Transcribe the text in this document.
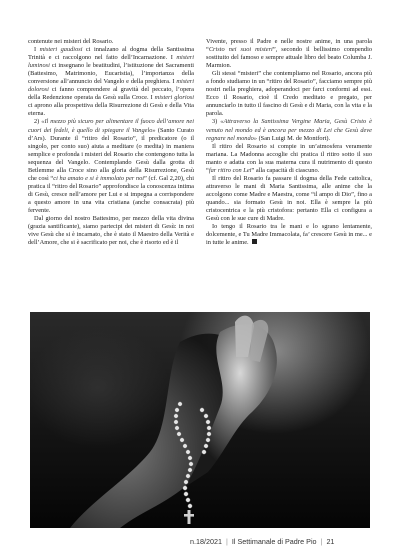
contenute nei misteri del Rosario.

I misteri gaudiosi ci innalzano al dogma della Santissima Trinità e ci raccolgono nel fatto dell’Incarnazione. I misteri luminosi ci insegnano le beatitudini, l’istituzione dei Sacramenti (Battesimo, Matrimonio, Eucaristia), l’importanza della conversione all’annuncio del Vangelo e della preghiera. I misteri dolorosi ci fanno comprendere al gravità del peccato, l’opera della Redenzione operata da Gesù sulla Croce. I misteri gloriosi ci aprono alla prospettiva della Risurrezione di Gesù e della Vita eterna.

2) «Il mezzo più sicuro per alimentare il fuoco dell’amore nei cuori dei fedeli, è quello di spiegare il Vangelo» (Santo Curato d’Ars). Durante il “ritiro del Rosario”, il predicatore (o il singolo, per conto suo) aiuta a meditare (o medita) in maniera semplice e profonda i misteri del Rosario che contengono tutta la sequenza del Vangelo. Contemplando Gesù dalla grotta di Betlemme alla Croce sino alla gloria della Risurrezione, Gesù che così “ci ha amato e si è immolato per noi” (cf. Gal 2,20), chi pratica il “ritiro del Rosario” approfondisce la conoscenza intima di Gesù, cresce nell’amore per Lui e si impegna a corrispondere a questo amore in una vita cristiana (anche consacrata) più fervente.

Dal giorno del nostro Battesimo, per mezzo della vita divina (grazia santificante), siamo partecipi dei misteri di Gesù: in noi vive Gesù che si è incarnato, che è stato il Maestro della Verità e dell’Amore, che si è sacrificato per noi, che è risorto ed è il

Vivente, presso il Padre e nelle nostre anime, in una parola “Cristo nei suoi misteri”, secondo il bellissimo compendio sostituito del famoso e sempre attuale libro del beato Columba J. Marmion.

Gli stessi “misteri” che contempliamo nel Rosario, ancora più a fondo studiamo in un “ritiro del Rosario”, facciamo sempre più nostri nella preghiera, adoperandoci per farci conformi ad essi. Ecco il Rosario, cioè il Credo meditato e pregato, per annunciarlo in tutto il fascino di Gesù e di Maria, con la vita e la parola.

3) «Attraverso la Santissima Vergine Maria, Gesù Cristo è venuto nel mondo ed è ancora per mezzo di Lei che Gesù deve regnare nel mondo» (San Luigi M. de Montfort).

Il ritiro del Rosario si compie in un’atmosfera veramente mariana. La Madonna accoglie chi pratica il ritiro sotto il suo manto e adatta con la sua materna cura il nutrimento di questo “far ritiro con Lei” alla capacità di ciascuno.

Il ritiro del Rosario fa passare il dogma della Fede cattolica, attraverso le mani di Maria Santissima, alle anime che la accolgono come Madre e Maestra, come “il ampo di Dio”, fino a quando... sia formato Gesù in noi. Ella è sempre la più cristocentrica e la più cristofora: pertanto Ella ci configura a Gesù con le sue cure di Madre.

Io tengo il Rosario tra le mani e lo sgrano lentamente, dolcemente, e Tu Madre Immacolata, fa’ crescere Gesù in me... e in tutte le anime.

n.18/2021 | Il Settimanale di Padre Pio | 21
